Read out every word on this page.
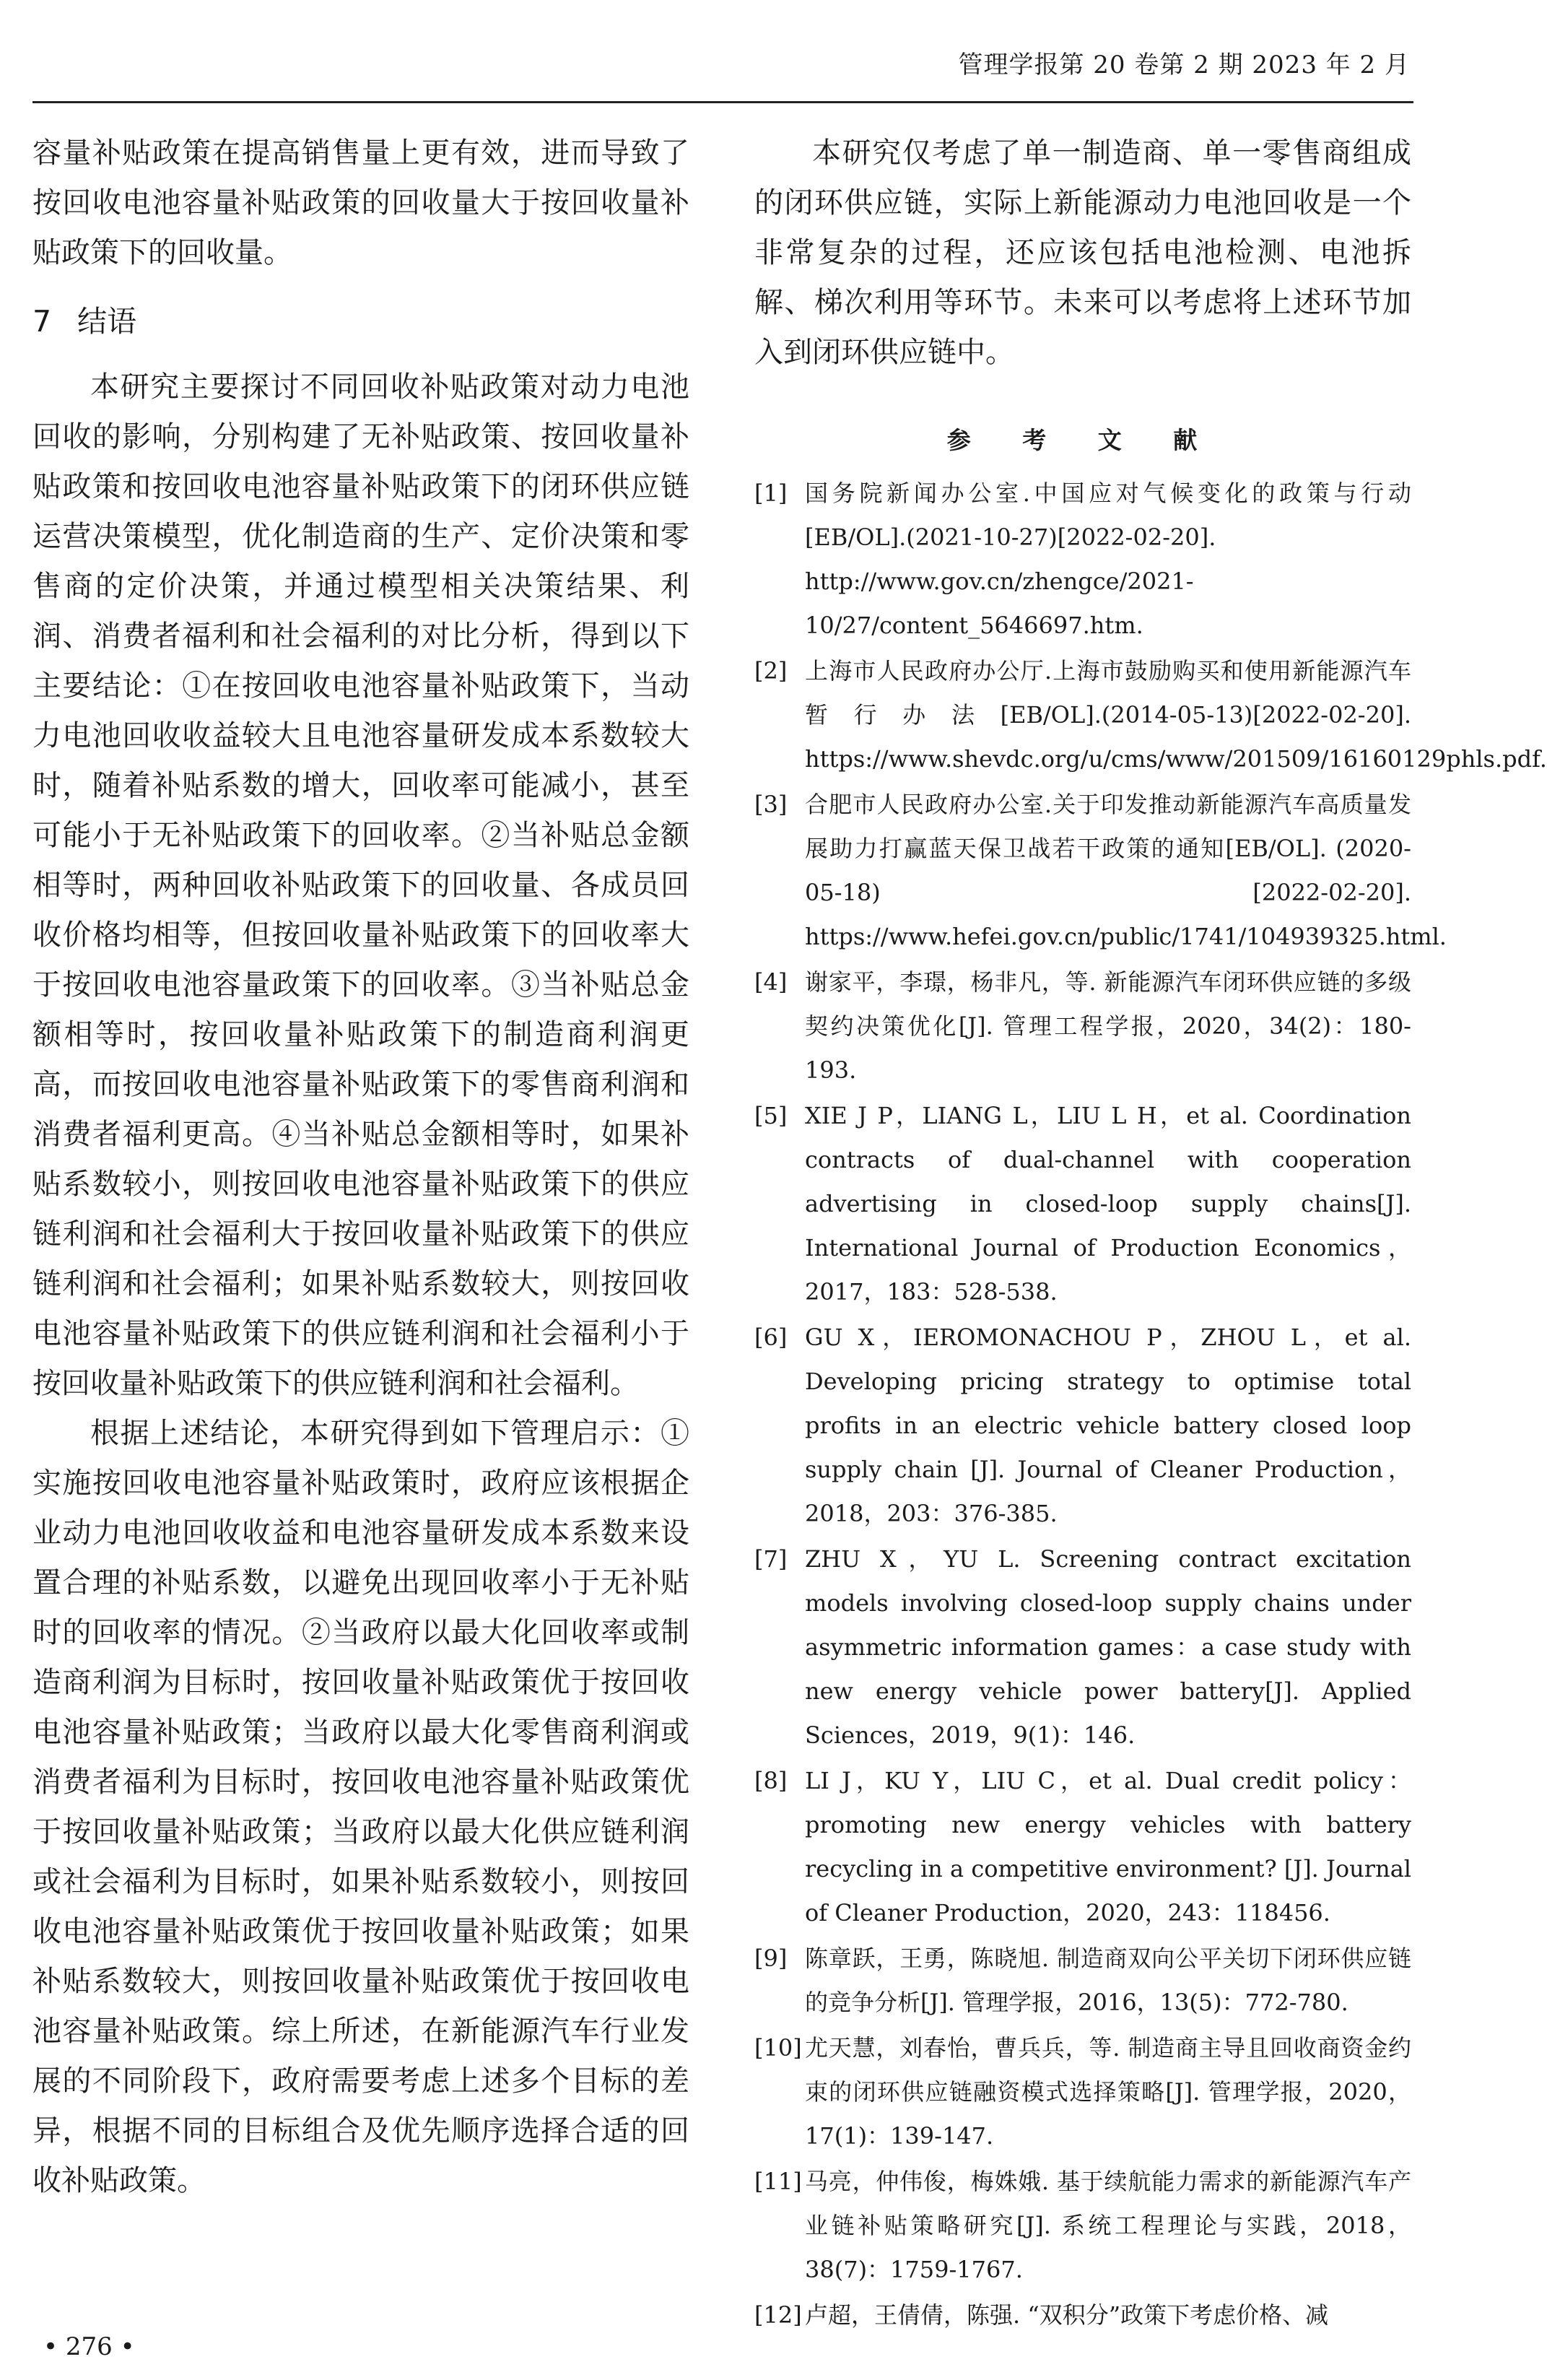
管理学报第 20 卷第 2 期 2023 年 2 月

容量补贴政策在提高销售量上更有效，进而导致了按回收电池容量补贴政策的回收量大于按回收量补贴政策下的回收量。

7 结语

本研究主要探讨不同回收补贴政策对动力电池回收的影响，分别构建了无补贴政策、按回收量补贴政策和按回收电池容量补贴政策下的闭环供应链运营决策模型，优化制造商的生产、定价决策和零售商的定价决策，并通过模型相关决策结果、利润、消费者福利和社会福利的对比分析，得到以下主要结论：①在按回收电池容量补贴政策下，当动力电池回收收益较大且电池容量研发成本系数较大时，随着补贴系数的增大，回收率可能减小，甚至可能小于无补贴政策下的回收率。②当补贴总金额相等时，两种回收补贴政策下的回收量、各成员回收价格均相等，但按回收量补贴政策下的回收率大于按回收电池容量政策下的回收率。③当补贴总金额相等时，按回收量补贴政策下的制造商利润更高，而按回收电池容量补贴政策下的零售商利润和消费者福利更高。④当补贴总金额相等时，如果补贴系数较小，则按回收电池容量补贴政策下的供应链利润和社会福利大于按回收量补贴政策下的供应链利润和社会福利；如果补贴系数较大，则按回收电池容量补贴政策下的供应链利润和社会福利小于按回收量补贴政策下的供应链利润和社会福利。

根据上述结论，本研究得到如下管理启示：①实施按回收电池容量补贴政策时，政府应该根据企业动力电池回收收益和电池容量研发成本系数来设置合理的补贴系数，以避免出现回收率小于无补贴时的回收率的情况。②当政府以最大化回收率或制造商利润为目标时，按回收量补贴政策优于按回收电池容量补贴政策；当政府以最大化零售商利润或消费者福利为目标时，按回收电池容量补贴政策优于按回收量补贴政策；当政府以最大化供应链利润或社会福利为目标时，如果补贴系数较小，则按回收电池容量补贴政策优于按回收量补贴政策；如果补贴系数较大，则按回收量补贴政策优于按回收电池容量补贴政策。综上所述，在新能源汽车行业发展的不同阶段下，政府需要考虑上述多个目标的差异，根据不同的目标组合及优先顺序选择合适的回收补贴政策。

本研究仅考虑了单一制造商、单一零售商组成的闭环供应链，实际上新能源动力电池回收是一个非常复杂的过程，还应该包括电池检测、电池拆解、梯次利用等环节。未来可以考虑将上述环节加入到闭环供应链中。

参 考 文 献
[1] 国务院新闻办公室.中国应对气候变化的政策与行动[EB/OL].(2021-10-27)[2022-02-20]. http://www.gov.cn/zhengce/2021-10/27/content_5646697.htm.
[2] 上海市人民政府办公厅.上海市鼓励购买和使用新能源汽车暂行办法[EB/OL].(2014-05-13)[2022-02-20]. https://www.shevdc.org/u/cms/www/201509/16160129phls.pdf.
[3] 合肥市人民政府办公室.关于印发推动新能源汽车高质量发展助力打赢蓝天保卫战若干政策的通知[EB/OL]. (2020-05-18) [2022-02-20]. https://www.hefei.gov.cn/public/1741/104939325.html.
[4] 谢家平，李璟，杨非凡，等. 新能源汽车闭环供应链的多级契约决策优化[J]. 管理工程学报，2020，34(2)：180-193.
[5] XIE J P，LIANG L，LIU L H，et al. Coordination contracts of dual-channel with cooperation advertising in closed-loop supply chains[J]. International Journal of Production Economics，2017，183：528-538.
[6] GU X，IEROMONACHOU P，ZHOU L，et al. Developing pricing strategy to optimise total profits in an electric vehicle battery closed loop supply chain [J]. Journal of Cleaner Production，2018，203：376-385.
[7] ZHU X，YU L. Screening contract excitation models involving closed-loop supply chains under asymmetric information games：a case study with new energy vehicle power battery[J]. Applied Sciences，2019，9(1)：146.
[8] LI J，KU Y，LIU C，et al. Dual credit policy：promoting new energy vehicles with battery recycling in a competitive environment? [J]. Journal of Cleaner Production，2020，243：118456.
[9] 陈章跃，王勇，陈晓旭. 制造商双向公平关切下闭环供应链的竞争分析[J]. 管理学报，2016，13(5)：772-780.
[10] 尤天慧，刘春怡，曹兵兵，等. 制造商主导且回收商资金约束的闭环供应链融资模式选择策略[J]. 管理学报，2020，17(1)：139-147.
[11] 马亮，仲伟俊，梅姝娥. 基于续航能力需求的新能源汽车产业链补贴策略研究[J]. 系统工程理论与实践，2018，38(7)：1759-1767.
[12] 卢超，王倩倩，陈强. “双积分”政策下考虑价格、减
• 276 •
